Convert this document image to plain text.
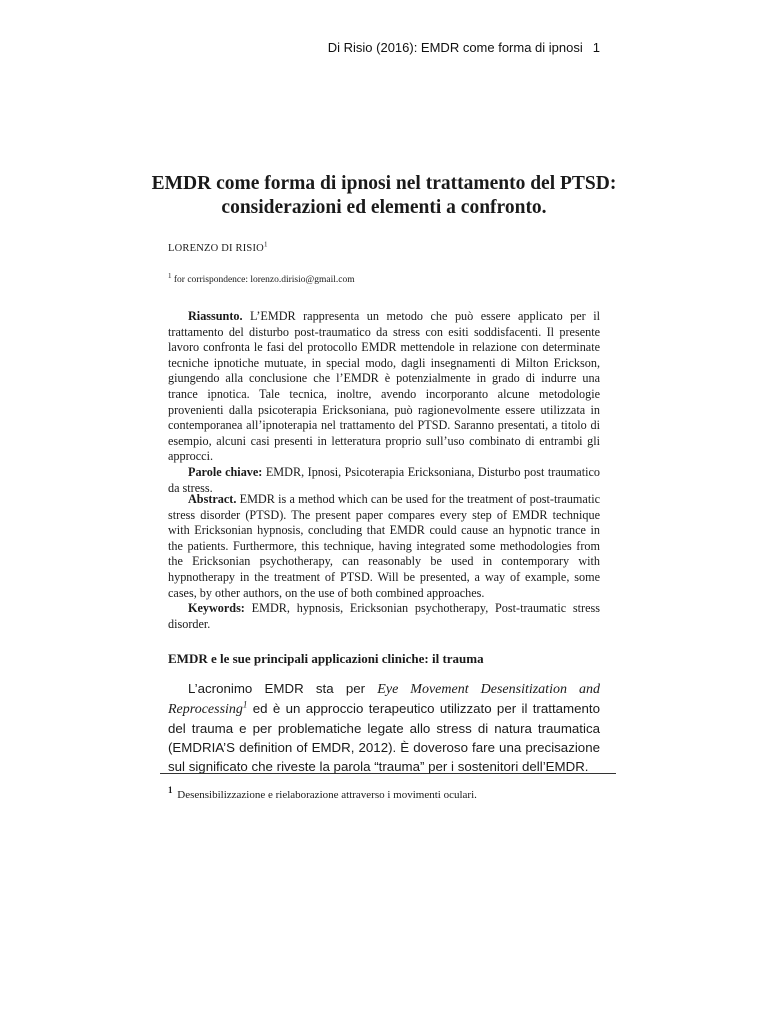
Di Risio (2016): EMDR come forma di ipnosi 1
EMDR come forma di ipnosi nel trattamento del PTSD: considerazioni ed elementi a confronto.
LORENZO DI RISIO$^1$
$^1$ for corrispondence: lorenzo.dirisio@gmail.com

Riassunto. L’EMDR rappresenta un metodo che può essere applicato per il trattamento del disturbo post-traumatico da stress con esiti soddisfacenti. Il presente lavoro confronta le fasi del protocollo EMDR mettendole in relazione con determinate tecniche ipnotiche mutuate, in special modo, dagli insegnamenti di Milton Erickson, giungendo alla conclusione che l’EMDR è potenzialmente in grado di indurre una trance ipnotica. Tale tecnica, inoltre, avendo incorporanto alcune metodologie provenienti dalla psicoterapia Ericksoniana, può ragionevolmente essere utilizzata in contemporanea all’ipnoterapia nel trattamento del PTSD. Saranno presentati, a titolo di esempio, alcuni casi presenti in letteratura proprio sull’uso combinato di entrambi gli approcci.

Parole chiave: EMDR, Ipnosi, Psicoterapia Ericksoniana, Disturbo post traumatico da stress.

Abstract. EMDR is a method which can be used for the treatment of post-traumatic stress disorder (PTSD). The present paper compares every step of EMDR technique with Ericksonian hypnosis, concluding that EMDR could cause an hypnotic trance in the patients. Furthermore, this technique, having integrated some methodologies from the Ericksonian psychotherapy, can reasonably be used in contemporary with hypnotherapy in the treatment of PTSD. Will be presented, a way of example, some cases, by other authors, on the use of both combined approaches.

Keywords: EMDR, hypnosis, Ericksonian psychotherapy, Post-traumatic stress disorder.

EMDR e le sue principali applicazioni cliniche: il trauma

L’acronimo EMDR sta per Eye Movement Desensitization and Reprocessing$^1$ ed è un approccio terapeutico utilizzato per il trattamento del trauma e per problematiche legate allo stress di natura traumatica (EMDRIA’S definition of EMDR, 2012). È doveroso fare una precisazione sul significato che riveste la parola “trauma” per i sostenitori dell’EMDR.

$^1$ Desensibilizzazione e rielaborazione attraverso i movimenti oculari.
